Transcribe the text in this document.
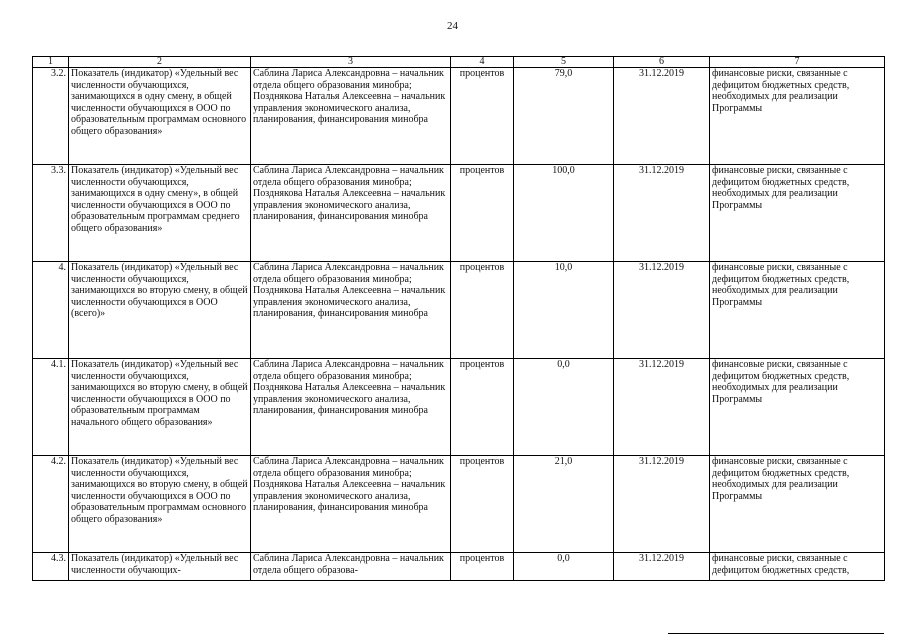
24
1	2	3	4	5	6	7
3.2.	Показатель (индикатор) «Удельный вес численности обучающихся, занимающихся в одну смену, в общей численности обучающихся в ООО по образовательным программам основного общего образования»	Саблина Лариса Александровна – начальник отдела общего образования минобра;
Позднякова Наталья Алексеевна – начальник управления экономического анализа, планирования, финансирования минобра	процентов	79,0	31.12.2019	финансовые риски, связанные с дефицитом бюджетных средств, необходимых для реализации Программы
3.3.	Показатель (индикатор) «Удельный вес численности обучающихся, занимающихся в одну смену», в общей численности обучающихся в ООО по образовательным программам среднего общего образования»	Саблина Лариса Александровна – начальник отдела общего образования минобра;
Позднякова Наталья Алексеевна – начальник управления экономического анализа, планирования, финансирования минобра	процентов	100,0	31.12.2019	финансовые риски, связанные с дефицитом бюджетных средств, необходимых для реализации Программы
4.	Показатель (индикатор) «Удельный вес численности обучающихся, занимающихся во вторую смену, в общей численности обучающихся в ООО (всего)»	Саблина Лариса Александровна – начальник отдела общего образования минобра;
Позднякова Наталья Алексеевна – начальник управления экономического анализа, планирования, финансирования минобра	процентов	10,0	31.12.2019	финансовые риски, связанные с дефицитом бюджетных средств, необходимых для реализации Программы
4.1.	Показатель (индикатор) «Удельный вес численности обучающихся, занимающихся во вторую смену, в общей численности обучающихся в ООО по образовательным программам начального общего образования»	Саблина Лариса Александровна – начальник отдела общего образования минобра;
Позднякова Наталья Алексеевна – начальник управления экономического анализа, планирования, финансирования минобра	процентов	0,0	31.12.2019	финансовые риски, связанные с дефицитом бюджетных средств, необходимых для реализации Программы
4.2.	Показатель (индикатор) «Удельный вес численности обучающихся, занимающихся во вторую смену, в общей численности обучающихся в ООО по образовательным программам основного общего образования»	Саблина Лариса Александровна – начальник отдела общего образования минобра;
Позднякова Наталья Алексеевна – начальник управления экономического анализа, планирования, финансирования минобра	процентов	21,0	31.12.2019	финансовые риски, связанные с дефицитом бюджетных средств, необходимых для реализации Программы
4.3.	Показатель (индикатор) «Удельный вес численности обучающих-	Саблина Лариса Александровна – начальник отдела общего образова-	процентов	0,0	31.12.2019	финансовые риски, связанные с дефицитом бюджетных средств,
